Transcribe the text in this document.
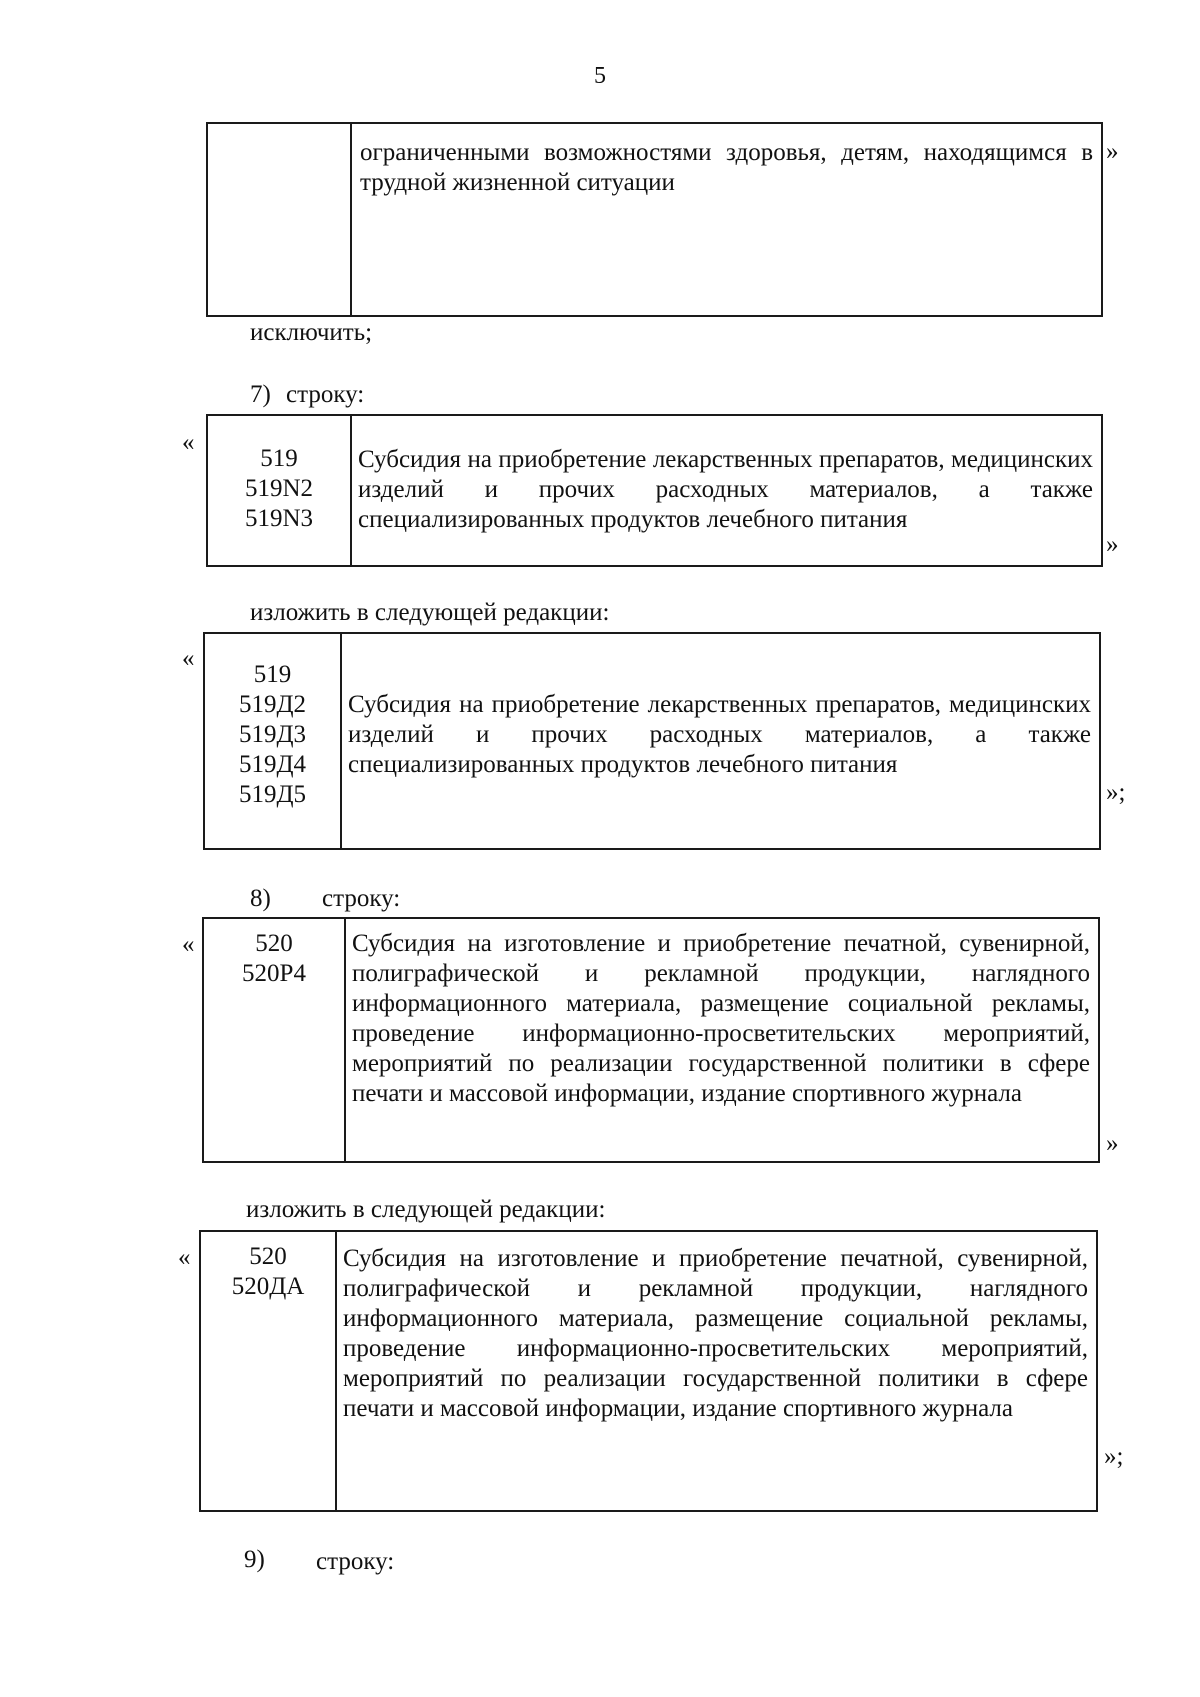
5
ограниченными возможностями здоровья, детям, находящимся в трудной жизненной ситуации
»
исключить;
7) строку:
«
519
519N2
519N3
Субсидия на приобретение лекарственных препаратов, медицинских изделий и прочих расходных материалов, а также специализированных продуктов лечебного питания
»
изложить в следующей редакции:
«
519
519Д2
519Д3
519Д4
519Д5
Субсидия на приобретение лекарственных препаратов, медицинских изделий и прочих расходных материалов, а также специализированных продуктов лечебного питания
»;
8) строку:
« 520
520P4
Субсидия на изготовление и приобретение печатной, сувенирной, полиграфической и рекламной продукции, наглядного информационного материала, размещение социальной рекламы, проведение информационно-просветительских мероприятий, мероприятий по реализации государственной политики в сфере печати и массовой информации, издание спортивного журнала
»
изложить в следующей редакции:
« 520
520ДА
Субсидия на изготовление и приобретение печатной, сувенирной, полиграфической и рекламной продукции, наглядного информационного материала, размещение социальной рекламы, проведение информационно-просветительских мероприятий, мероприятий по реализации государственной политики в сфере печати и массовой информации, издание спортивного журнала
»;
9) строку:
